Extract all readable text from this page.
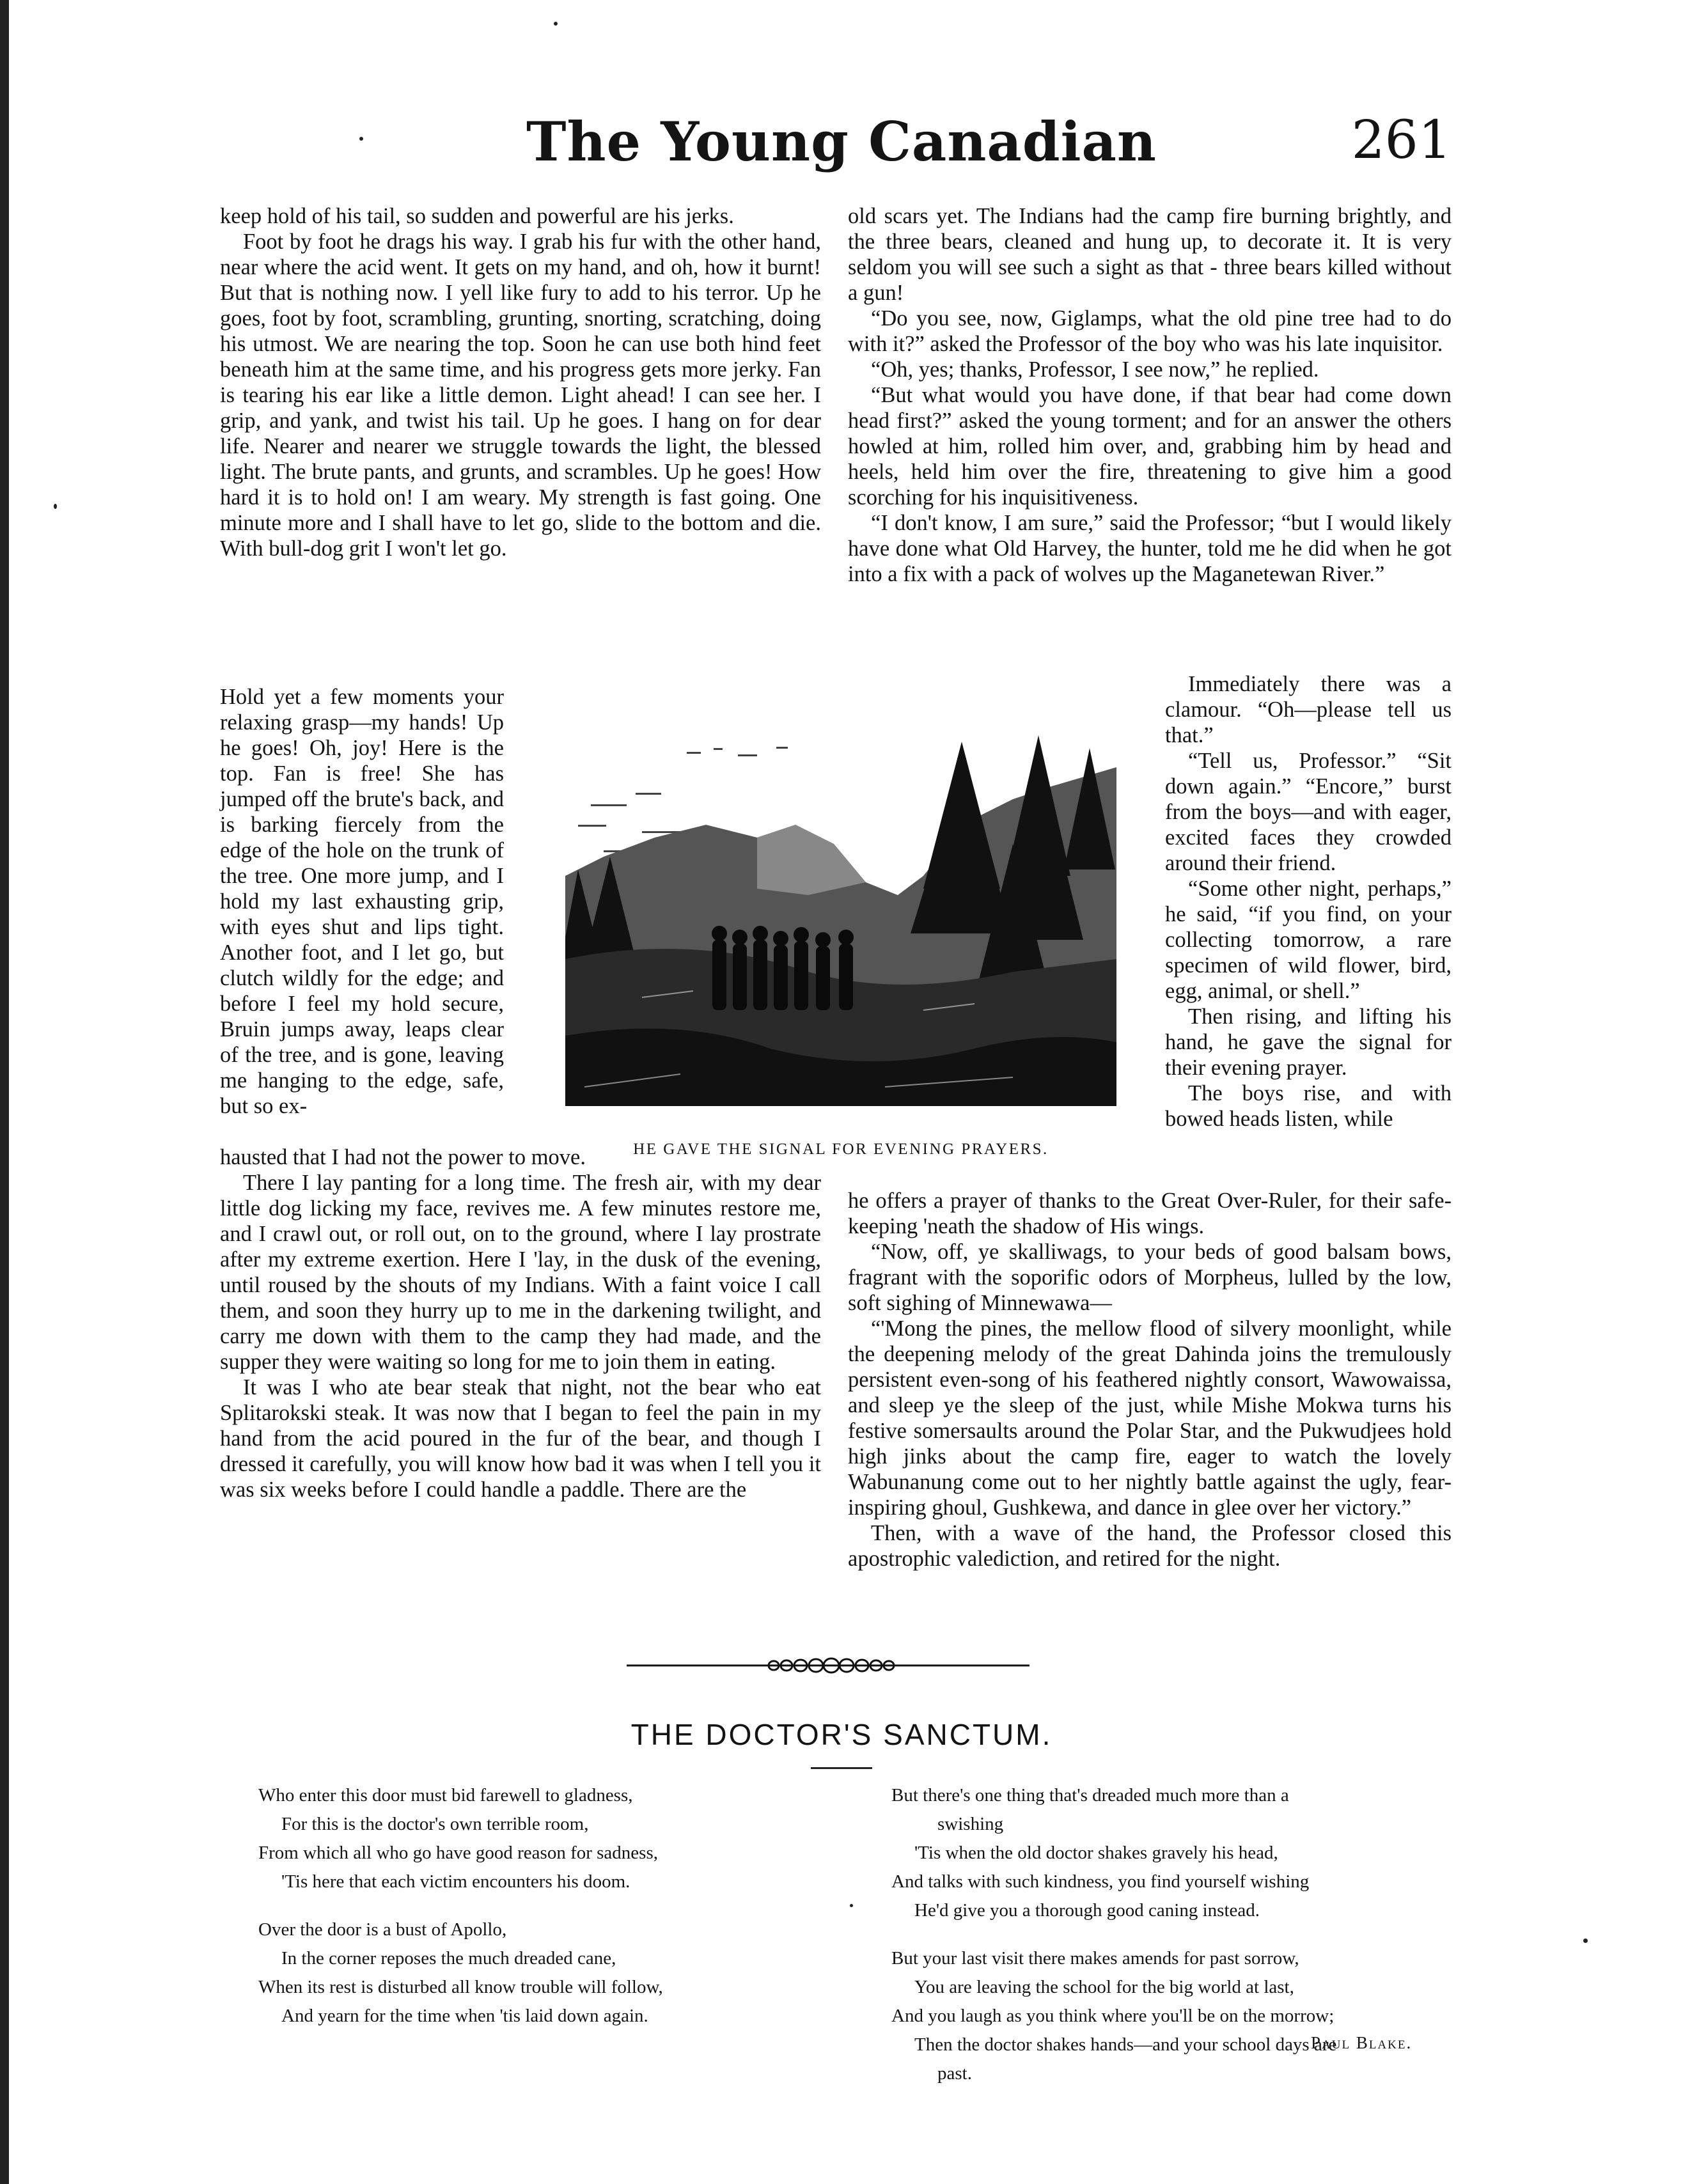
The Young Canadian	261

keep hold of his tail, so sudden and powerful are his jerks.

Foot by foot he drags his way. I grab his fur with the other hand, near where the acid went. It gets on my hand, and oh, how it burnt! But that is nothing now. I yell like fury to add to his terror. Up he goes, foot by foot, scrambling, grunting, snorting, scratching, doing his utmost. We are nearing the top. Soon he can use both hind feet beneath him at the same time, and his progress gets more jerky. Fan is tearing his ear like a little demon. Light ahead! I can see her. I grip, and yank, and twist his tail. Up he goes. I hang on for dear life. Nearer and nearer we struggle towards the light, the blessed light. The brute pants, and grunts, and scrambles. Up he goes! How hard it is to hold on! I am weary. My strength is fast going. One minute more and I shall have to let go, slide to the bottom and die. With bull-dog grit I won't let go.

Hold yet a few moments your relaxing grasp—my hands! Up he goes! Oh, joy! Here is the top. Fan is free! She has jumped off the brute's back, and is barking fiercely from the edge of the hole on the trunk of the tree. One more jump, and I hold my last exhausting grip, with eyes shut and lips tight. Another foot, and I let go, but clutch wildly for the edge; and before I feel my hold secure, Bruin jumps away, leaps clear of the tree, and is gone, leaving me hanging to the edge, safe, but so ex-

hausted that I had not the power to move.

There I lay panting for a long time. The fresh air, with my dear little dog licking my face, revives me. A few minutes restore me, and I crawl out, or roll out, on to the ground, where I lay prostrate after my extreme exertion. Here I 'lay, in the dusk of the evening, until roused by the shouts of my Indians. With a faint voice I call them, and soon they hurry up to me in the darkening twilight, and carry me down with them to the camp they had made, and the supper they were waiting so long for me to join them in eating.

It was I who ate bear steak that night, not the bear who eat Splitarokski steak. It was now that I began to feel the pain in my hand from the acid poured in the fur of the bear, and though I dressed it carefully, you will know how bad it was when I tell you it was six weeks before I could handle a paddle. There are the

old scars yet. The Indians had the camp fire burning brightly, and the three bears, cleaned and hung up, to decorate it. It is very seldom you will see such a sight as that - three bears killed without a gun!

“Do you see, now, Giglamps, what the old pine tree had to do with it?” asked the Professor of the boy who was his late inquisitor.

“Oh, yes; thanks, Professor, I see now,” he replied.

“But what would you have done, if that bear had come down head first?” asked the young torment; and for an answer the others howled at him, rolled him over, and, grabbing him by head and heels, held him over the fire, threatening to give him a good scorching for his inquisitiveness.

“I don't know, I am sure,” said the Professor; “but I would likely have done what Old Harvey, the hunter, told me he did when he got into a fix with a pack of wolves up the Maganetewan River.”

Immediately there was a clamour. “Oh—please tell us that.”

“Tell us, Professor.” “Sit down again.” “Encore,” burst from the boys—and with eager, excited faces they crowded around their friend.

“Some other night, perhaps,” he said, “if you find, on your collecting tomorrow, a rare specimen of wild flower, bird, egg, animal, or shell.”

Then rising, and lifting his hand, he gave the signal for their evening prayer.

The boys rise, and with bowed heads listen, while

he offers a prayer of thanks to the Great Over-Ruler, for their safe-keeping 'neath the shadow of His wings.

“Now, off, ye skalliwags, to your beds of good balsam bows, fragrant with the soporific odors of Morpheus, lulled by the low, soft sighing of Minnewawa—

“'Mong the pines, the mellow flood of silvery moonlight, while the deepening melody of the great Dahinda joins the tremulously persistent even-song of his feathered nightly consort, Wawowaissa, and sleep ye the sleep of the just, while Mishe Mokwa turns his festive somersaults around the Polar Star, and the Pukwudjees hold high jinks about the camp fire, eager to watch the lovely Wabunanung come out to her nightly battle against the ugly, fear-inspiring ghoul, Gushkewa, and dance in glee over her victory.”

Then, with a wave of the hand, the Professor closed this apostrophic valediction, and retired for the night.

HE GAVE THE SIGNAL FOR EVENING PRAYERS.
THE DOCTOR'S SANCTUM.
Who enter this door must bid farewell to gladness,
For this is the doctor's own terrible room,
From which all who go have good reason for sadness,
'Tis here that each victim encounters his doom.
Over the door is a bust of Apollo,
In the corner reposes the much dreaded cane,
When its rest is disturbed all know trouble will follow,
And yearn for the time when 'tis laid down again.
But there's one thing that's dreaded much more than a
swishing
'Tis when the old doctor shakes gravely his head,
And talks with such kindness, you find yourself wishing
He'd give you a thorough good caning instead.
But your last visit there makes amends for past sorrow,
You are leaving the school for the big world at last,
And you laugh as you think where you'll be on the morrow;
Then the doctor shakes hands—and your school days are
past.
Paul Blake.
